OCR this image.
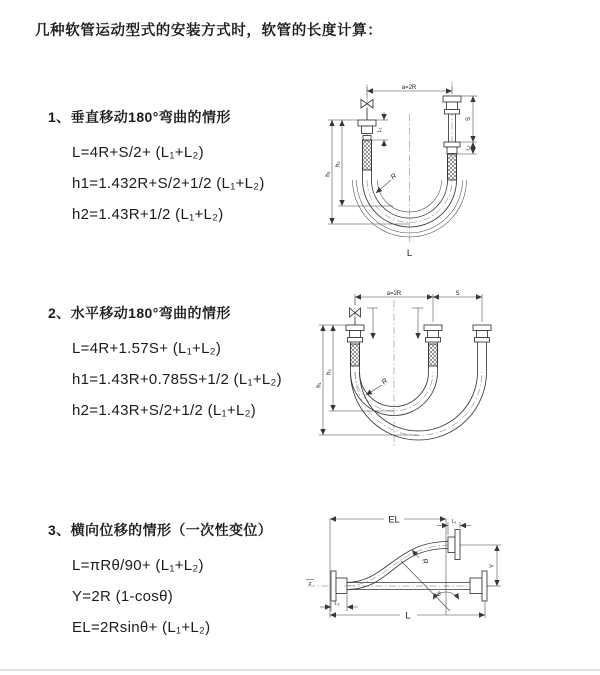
几种软管运动型式的安装方式时，软管的长度计算：
1、垂直移动180°弯曲的情形
L=4R+S/2+ (L₁+L₂)
h1=1.432R+S/2+1/2 (L₁+L₂)
h2=1.43R+1/2 (L₁+L₂)
2、水平移动180°弯曲的情形
L=4R+1.57S+ (L₁+L₂)
h1=1.43R+0.785S+1/2 (L₁+L₂)
h2=1.43R+S/2+1/2 (L₁+L₂)
3、横向位移的情形（一次性变位）
L=πRθ/90+ (L₁+L₂)
Y=2R (1-cosθ)
EL=2Rsinθ+ (L₁+L₂)
a=2R
L₁
S
L₂
h₁
h₂
R
L
a=2R	S
h₁
h₂
R
z
L₁
EL
Y
R
θ
L
L₂
